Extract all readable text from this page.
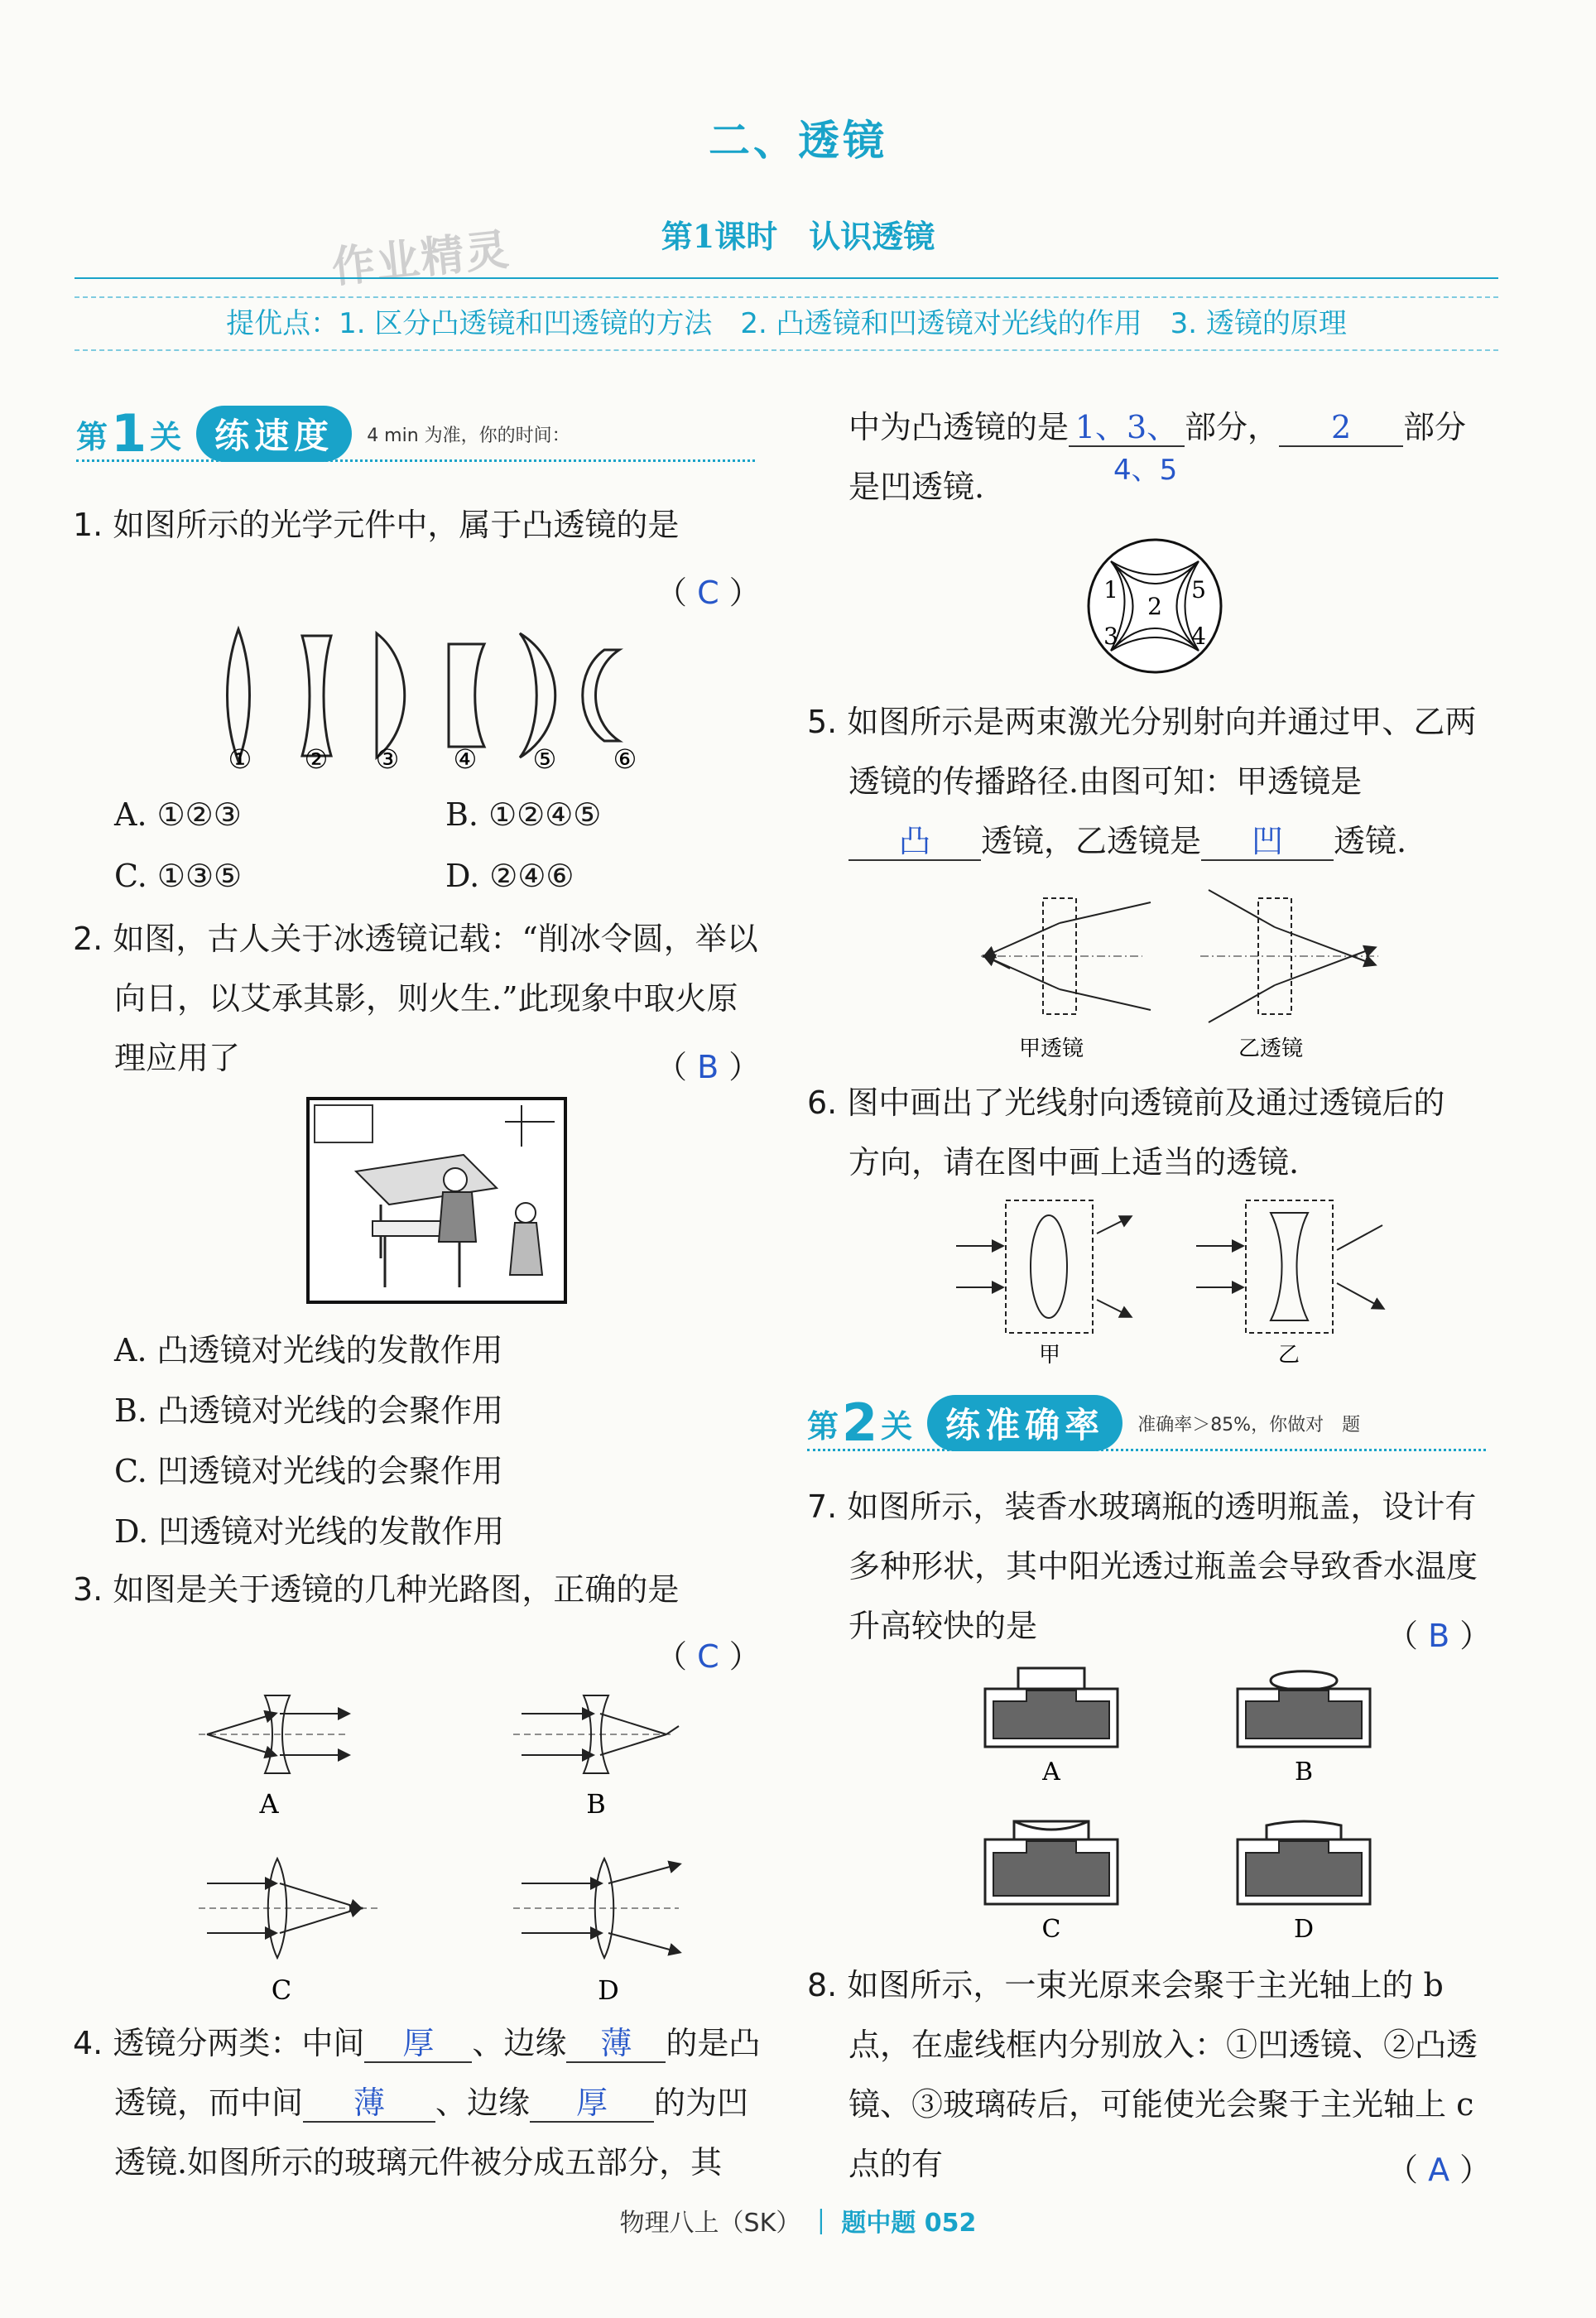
二、透镜
第1课时　认识透镜
作业精灵
提优点：1. 区分凸透镜和凹透镜的方法　2. 凸透镜和凹透镜对光线的作用　3. 透镜的原理
第 1 关 练速度	4 min 为准，你的时间：
1. 如图所示的光学元件中，属于凸透镜的是
（ C ）
① ② ③ ④ ⑤ ⑥
A. ①②③	B. ①②④⑤
C. ①③⑤	D. ②④⑥
2. 如图，古人关于冰透镜记载：“削冰令圆，举以
向日，以艾承其影，则火生.”此现象中取火原
理应用了	（ B ）
A. 凸透镜对光线的发散作用
B. 凸透镜对光线的会聚作用
C. 凹透镜对光线的会聚作用
D. 凹透镜对光线的发散作用
3. 如图是关于透镜的几种光路图，正确的是
（ C ）
A	B
C	D
4. 透镜分两类：中间 厚 、边缘 薄 的是凸
透镜，而中间 薄 、边缘 厚 的为凹
透镜.如图所示的玻璃元件被分成五部分，其
中为凸透镜的是 1、3、 部分， 2 部分
是凹透镜.	4、5
1
2
3	4
5
5. 如图所示是两束激光分别射向并通过甲、乙两
透镜的传播路径.由图可知：甲透镜是
凸 透镜，乙透镜是 凹 透镜.
甲透镜	乙透镜
6. 图中画出了光线射向透镜前及通过透镜后的
方向，请在图中画上适当的透镜.
甲	乙
第 2 关 练准确率	准确率＞85%，你做对　题
7. 如图所示，装香水玻璃瓶的透明瓶盖，设计有
多种形状，其中阳光透过瓶盖会导致香水温度
升高较快的是	（ B ）
A	B
C	D
8. 如图所示，一束光原来会聚于主光轴上的 b
点，在虚线框内分别放入：①凹透镜、②凸透
镜、③玻璃砖后，可能使光会聚于主光轴上 c
点的有	（ A ）
物理八上（SK） ｜ 题中题 052
